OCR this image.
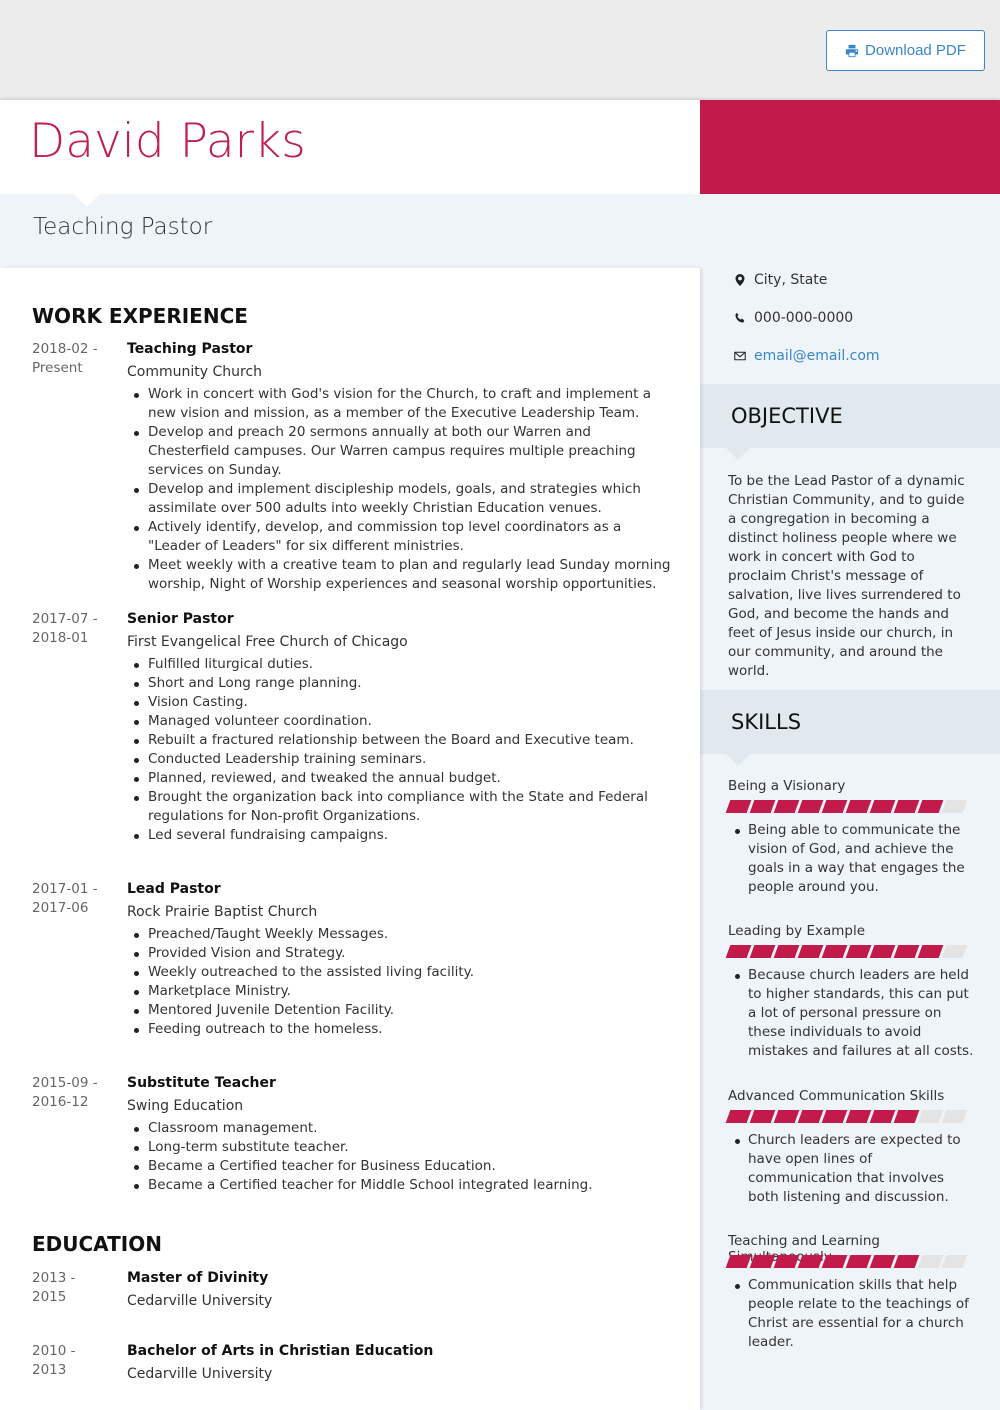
Download PDF
David Parks
Teaching Pastor
City, State
000-000-0000
email@email.com
OBJECTIVE
To be the Lead Pastor of a dynamic Christian Community, and to guide a congregation in becoming a distinct holiness people where we work in concert with God to proclaim Christ's message of salvation, live lives surrendered to God, and become the hands and feet of Jesus inside our church, in our community, and around the world.
SKILLS
Being a Visionary
Being able to communicate the vision of God, and achieve the goals in a way that engages the people around you.
Leading by Example
Because church leaders are held to higher standards, this can put a lot of personal pressure on these individuals to avoid mistakes and failures at all costs.
Advanced Communication Skills
Church leaders are expected to have open lines of communication that involves both listening and discussion.
Teaching and Learning
Communication skills that help people relate to the teachings of Christ are essential for a church leader.
WORK EXPERIENCE
2018-02 - Present
Teaching Pastor
Community Church
Work in concert with God's vision for the Church, to craft and implement a new vision and mission, as a member of the Executive Leadership Team.
Develop and preach 20 sermons annually at both our Warren and Chesterfield campuses. Our Warren campus requires multiple preaching services on Sunday.
Develop and implement discipleship models, goals, and strategies which assimilate over 500 adults into weekly Christian Education venues.
Actively identify, develop, and commission top level coordinators as a "Leader of Leaders" for six different ministries.
Meet weekly with a creative team to plan and regularly lead Sunday morning worship, Night of Worship experiences and seasonal worship opportunities.
2017-07 - 2018-01
Senior Pastor
First Evangelical Free Church of Chicago
Fulfilled liturgical duties.
Short and Long range planning.
Vision Casting.
Managed volunteer coordination.
Rebuilt a fractured relationship between the Board and Executive team.
Conducted Leadership training seminars.
Planned, reviewed, and tweaked the annual budget.
Brought the organization back into compliance with the State and Federal regulations for Non-profit Organizations.
Led several fundraising campaigns.
2017-01 - 2017-06
Lead Pastor
Rock Prairie Baptist Church
Preached/Taught Weekly Messages.
Provided Vision and Strategy.
Weekly outreached to the assisted living facility.
Marketplace Ministry.
Mentored Juvenile Detention Facility.
Feeding outreach to the homeless.
2015-09 - 2016-12
Substitute Teacher
Swing Education
Classroom management.
Long-term substitute teacher.
Became a Certified teacher for Business Education.
Became a Certified teacher for Middle School integrated learning.
EDUCATION
2013 - 2015
Master of Divinity
Cedarville University
2010 - 2013
Bachelor of Arts in Christian Education
Cedarville University
